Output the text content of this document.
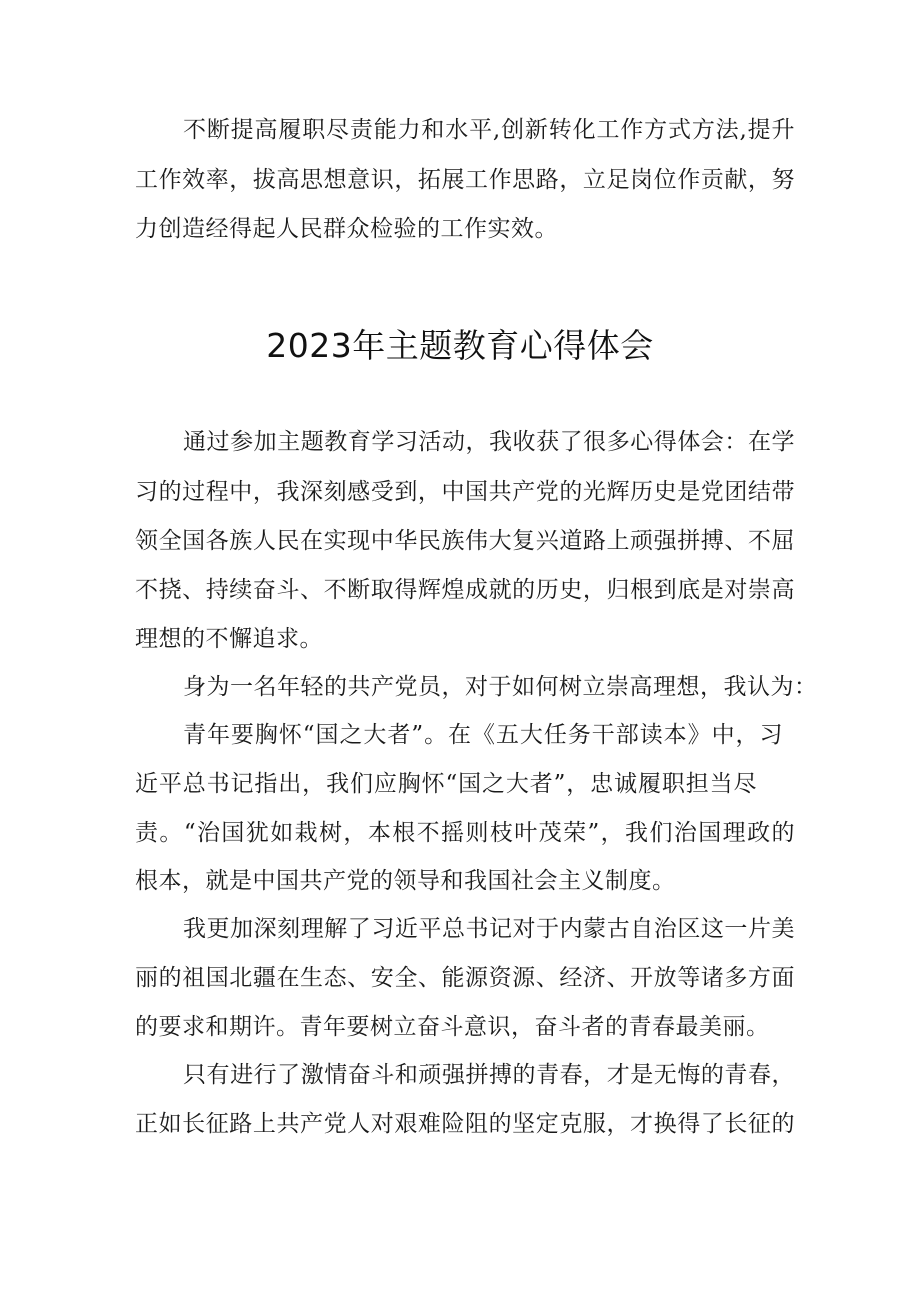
不断提高履职尽责能力和水平,创新转化工作方式方法,提升
工作效率，拔高思想意识，拓展工作思路，立足岗位作贡献，努
力创造经得起人民群众检验的工作实效。
2023年主题教育心得体会
通过参加主题教育学习活动，我收获了很多心得体会：在学
习的过程中，我深刻感受到，中国共产党的光辉历史是党团结带
领全国各族人民在实现中华民族伟大复兴道路上顽强拼搏、不屈
不挠、持续奋斗、不断取得辉煌成就的历史，归根到底是对崇高
理想的不懈追求。
身为一名年轻的共产党员，对于如何树立崇高理想，我认为：
青年要胸怀“国之大者”。在《五大任务干部读本》中，习
近平总书记指出，我们应胸怀“国之大者”，忠诚履职担当尽
责。“治国犹如栽树，本根不摇则枝叶茂荣”，我们治国理政的
根本，就是中国共产党的领导和我国社会主义制度。
我更加深刻理解了习近平总书记对于内蒙古自治区这一片美
丽的祖国北疆在生态、安全、能源资源、经济、开放等诸多方面
的要求和期许。青年要树立奋斗意识，奋斗者的青春最美丽。
只有进行了激情奋斗和顽强拼搏的青春，才是无悔的青春，
正如长征路上共产党人对艰难险阻的坚定克服，才换得了长征的
